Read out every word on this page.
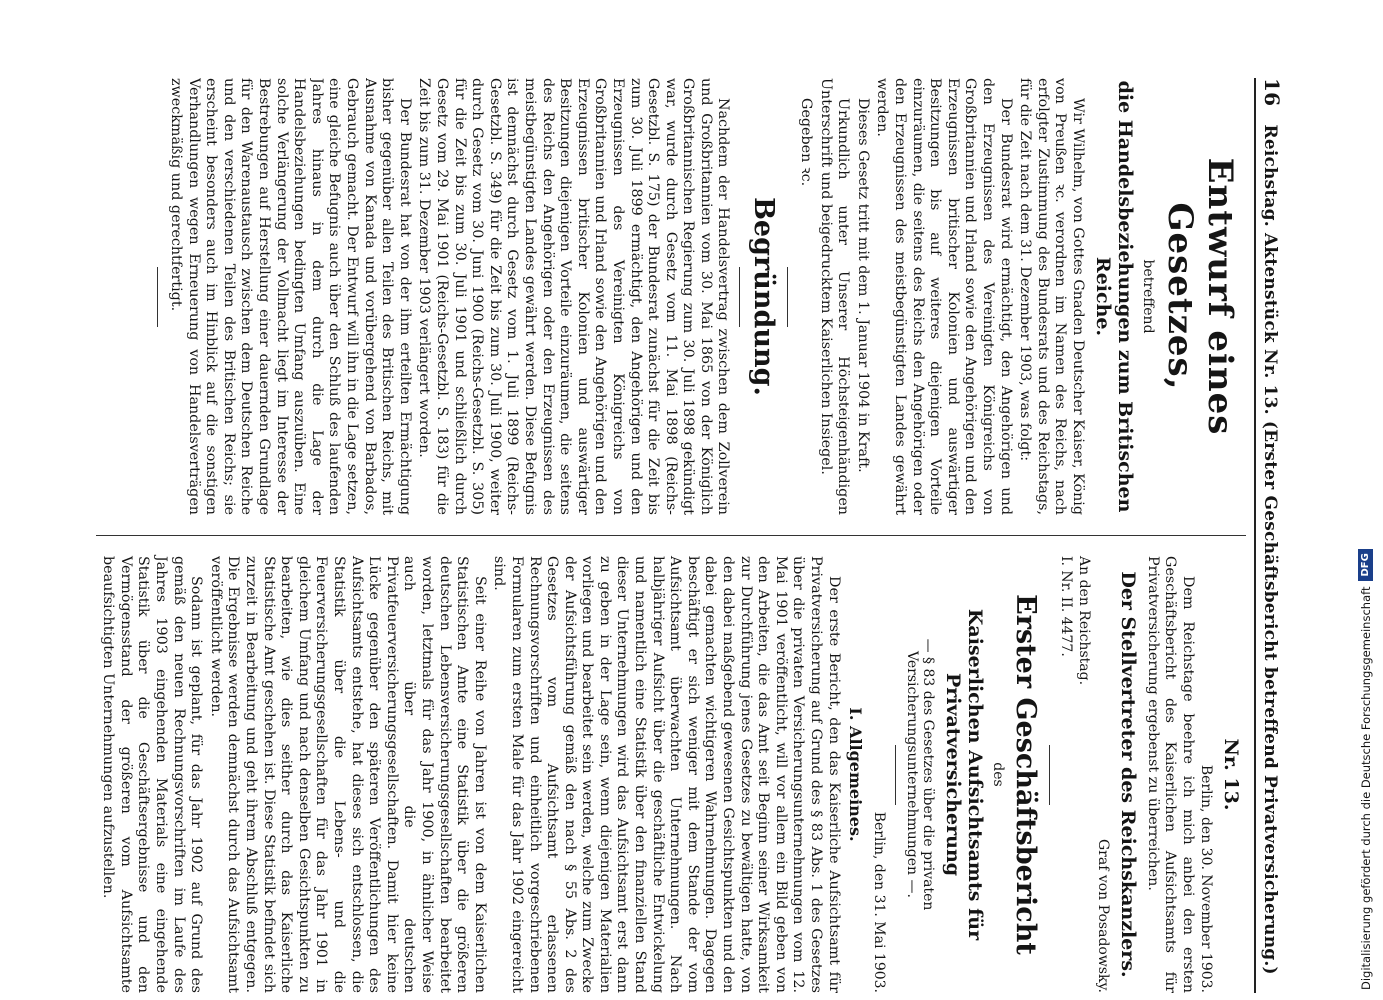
16
Reichstag. Aktenstück Nr. 13. (Erster Geschäftsbericht betreffend Privatversicherung.)
Entwurf eines Gesetzes,
betreffend
die Handelsbeziehungen zum Britischen Reiche.

Wir Wilhelm, von Gottes Gnaden Deutscher Kaiser, König von Preußen ꝛc. verordnen im Namen des Reichs, nach erfolgter Zustimmung des Bundesrats und des Reichstags, für die Zeit nach dem 31. Dezember 1903, was folgt:

Der Bundesrat wird ermächtigt, den Angehörigen und den Erzeugnissen des Vereinigten Königreichs von Großbritannien und Irland sowie den Angehörigen und den Erzeugnissen britischer Kolonien und auswärtiger Besitzungen bis auf weiteres diejenigen Vorteile einzuräumen, die seitens des Reichs den Angehörigen oder den Erzeugnissen des meistbegünstigten Landes gewährt werden.

Dieses Gesetz tritt mit dem 1. Januar 1904 in Kraft.

Urkundlich unter Unserer Höchsteigenhändigen Unterschrift und beigedrucktem Kaiserlichen Insiegel.

Gegeben ꝛc.

Begründung.

Nachdem der Handelsvertrag zwischen dem Zollverein und Großbritannien vom 30. Mai 1865 von der Königlich Großbritannischen Regierung zum 30. Juli 1898 gekündigt war, wurde durch Gesetz vom 11. Mai 1898 (Reichs-Gesetzbl. S. 175) der Bundesrat zunächst für die Zeit bis zum 30. Juli 1899 ermächtigt, den Angehörigen und den Erzeugnissen des Vereinigten Königreichs von Großbritannien und Irland sowie den Angehörigen und den Erzeugnissen britischer Kolonien und auswärtiger Besitzungen diejenigen Vorteile einzuräumen, die seitens des Reichs den Angehörigen oder den Erzeugnissen des meistbegünstigten Landes gewährt werden. Diese Befugnis ist demnächst durch Gesetz vom 1. Juli 1899 (Reichs-Gesetzbl. S. 349) für die Zeit bis zum 30. Juli 1900, weiter durch Gesetz vom 30. Juni 1900 (Reichs-Gesetzbl. S. 305) für die Zeit bis zum 30. Juli 1901 und schließlich durch Gesetz vom 29. Mai 1901 (Reichs-Gesetzbl. S. 183) für die Zeit bis zum 31. Dezember 1903 verlängert worden.

Der Bundesrat hat von der ihm erteilten Ermächtigung bisher gegenüber allen Teilen des Britischen Reichs, mit Ausnahme von Kanada und vorübergehend von Barbados, Gebrauch gemacht. Der Entwurf will ihn in die Lage setzen, eine gleiche Befugnis auch über den Schluß des laufenden Jahres hinaus in dem durch die Lage der Handelsbeziehungen bedingten Umfang auszuüben. Eine solche Verlängerung der Vollmacht liegt im Interesse der Bestrebungen auf Herstellung einer dauernden Grundlage für den Warenaustausch zwischen dem Deutschen Reiche und den verschiedenen Teilen des Britischen Reichs; sie erscheint besonders auch im Hinblick auf die sonstigen Verhandlungen wegen Erneuerung von Handelsverträgen zweckmäßig und gerechtfertigt.

Nr. 13.
Berlin, den 30. November 1903.

Dem Reichstage beehre ich mich anbei den ersten Geschäftsbericht des Kaiserlichen Aufsichtsamts für Privatversicherung ergebenst zu überreichen.

Der Stellvertreter des Reichskanzlers.
Graf von Posadowsky.
An den Reichstag.
I. Nr. II. 4477.
Erster Geschäftsbericht
des
Kaiserlichen Aufsichtsamts für Privatversicherung
— § 83 des Gesetzes über die privaten Versicherungsunternehmungen —.
Berlin, den 31. Mai 1903.
I. Allgemeines.

Der erste Bericht, den das Kaiserliche Aufsichtsamt für Privatversicherung auf Grund des § 83 Abs. 1 des Gesetzes über die privaten Versicherungsunternehmungen vom 12. Mai 1901 veröffentlicht, will vor allem ein Bild geben von den Arbeiten, die das Amt seit Beginn seiner Wirksamkeit zur Durchführung jenes Gesetzes zu bewältigen hatte, von den dabei maßgebend gewesenen Gesichtspunkten und den dabei gemachten wichtigeren Wahrnehmungen. Dagegen beschäftigt er sich weniger mit dem Stande der vom Aufsichtsamt überwachten Unternehmungen. Nach halbjähriger Aufsicht über die geschäftliche Entwickelung und namentlich eine Statistik über den finanziellen Stand dieser Unternehmungen wird das Aufsichtsamt erst dann zu geben in der Lage sein, wenn diejenigen Materialien vorliegen und bearbeitet sein werden, welche zum Zwecke der Aufsichtsführung gemäß den nach § 55 Abs. 2 des Gesetzes vom Aufsichtsamt erlassenen Rechnungsvorschriften und einheitlich vorgeschriebenen Formularen zum ersten Male für das Jahr 1902 eingereicht sind.

Seit einer Reihe von Jahren ist von dem Kaiserlichen Statistischen Amte eine Statistik über die größeren deutschen Lebensversicherungsgesellschaften bearbeitet worden, letztmals für das Jahr 1900, in ähnlicher Weise auch über die deutschen Privatfeuerversicherungsgesellschaften. Damit hier keine Lücke gegenüber den späteren Veröffentlichungen des Aufsichtsamts entstehe, hat dieses sich entschlossen, die Statistik über die Lebens- und die Feuerversicherungsgesellschaften für das Jahr 1901 in gleichem Umfang und nach denselben Gesichtspunkten zu bearbeiten, wie dies seither durch das Kaiserliche Statistische Amt geschehen ist. Diese Statistik befindet sich zurzeit in Bearbeitung und geht ihrem Abschluß entgegen. Die Ergebnisse werden demnächst durch das Aufsichtsamt veröffentlicht werden.

Sodann ist geplant, für das Jahr 1902 auf Grund des gemäß den neuen Rechnungsvorschriften im Laufe des Jahres 1903 eingehenden Materials eine eingehende Statistik über die Geschäftsergebnisse und den Vermögensstand der größeren vom Aufsichtsamte beaufsichtigten Unternehmungen aufzustellen.	Digitalisierung gefördert durch die Deutsche Forschungsgemeinschaft
DFG
